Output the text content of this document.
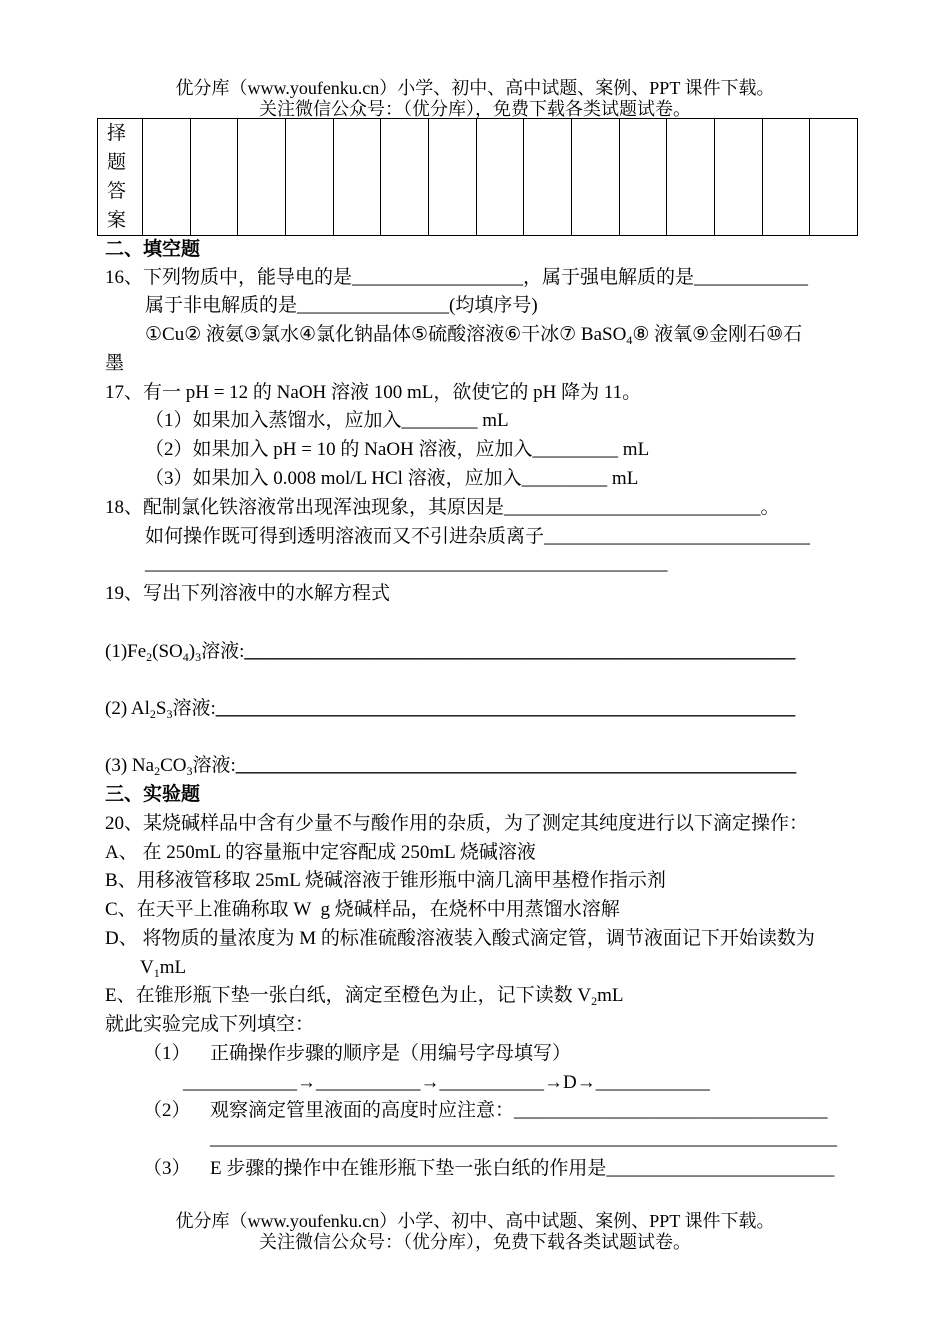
优分库（www.youfenku.cn）小学、初中、高中试题、案例、PPT 课件下载。
关注微信公众号：（优分库），免费下载各类试题试卷。
择
题
答
案

二、填空题
16、下列物质中，能导电的是__________________，属于强电解质的是____________
属于非电解质的是________________(均填序号)
①Cu② 液氨③氯水④氯化钠晶体⑤硫酸溶液⑥干冰⑦ BaSO$_4$⑧ 液氧⑨金刚石⑩石
墨
17、有一 pH = 12 的 NaOH 溶液 100 mL，欲使它的 pH 降为 11。
（1）如果加入蒸馏水，应加入________ mL
（2）如果加入 pH = 10 的 NaOH 溶液，应加入_________ mL
（3）如果加入 0.008 mol/L HCl 溶液，应加入_________ mL
18、配制氯化铁溶液常出现浑浊现象，其原因是___________________________。
如何操作既可得到透明溶液而又不引进杂质离子____________________________
_______________________________________________________
19、写出下列溶液中的水解方程式
$(1)Fe_2(SO_4)_3$溶液:__________________________________________________________
(2) $Al_2S_3$溶液:_____________________________________________________________
(3) $Na_2CO_3$溶液:___________________________________________________________
三、实验题
20、某烧碱样品中含有少量不与酸作用的杂质，为了测定其纯度进行以下滴定操作：
A、 在 250mL 的容量瓶中定容配成 250mL 烧碱溶液
B、用移液管移取 25mL 烧碱溶液于锥形瓶中滴几滴甲基橙作指示剂
C、在天平上准确称取 W  g 烧碱样品，在烧杯中用蒸馏水溶解
D、 将物质的量浓度为 M 的标准硫酸溶液装入酸式滴定管，调节液面记下开始读数为
$V_1mL$
E、在锥形瓶下垫一张白纸，滴定至橙色为止，记下读数 $V_2mL$
就此实验完成下列填空：
（1） 正确操作步骤的顺序是（用编号字母填写）
____________→___________→___________→D→____________
（2） 观察滴定管里液面的高度时应注意：_________________________________
__________________________________________________________________
（3） E 步骤的操作中在锥形瓶下垫一张白纸的作用是________________________
优分库（www.youfenku.cn）小学、初中、高中试题、案例、PPT 课件下载。
关注微信公众号：（优分库），免费下载各类试题试卷。
